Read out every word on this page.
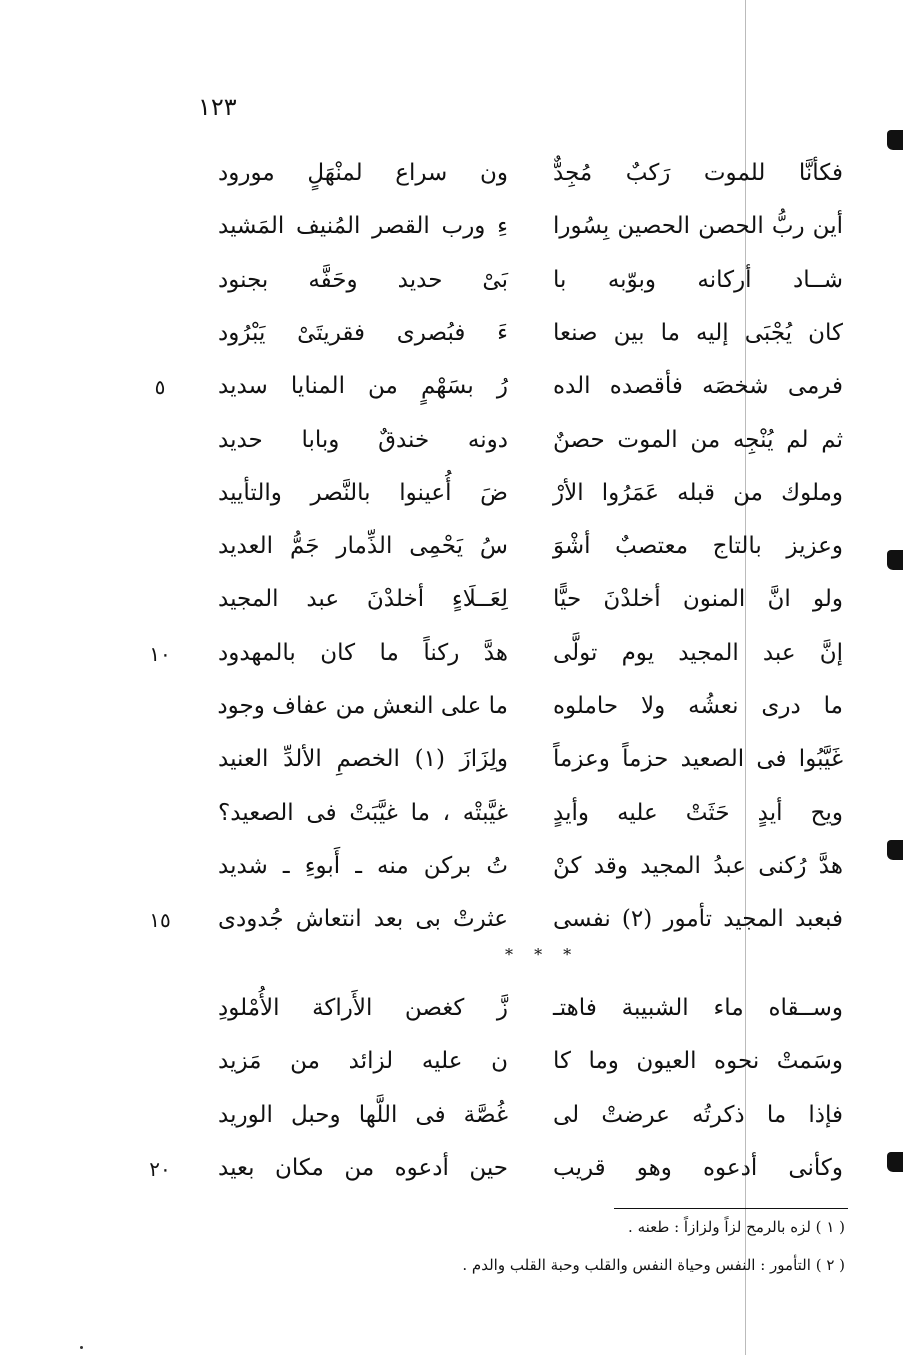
١٢٣
فكأنَّا للموت رَكبٌ مُجِدٌّ
ون سراع لمنْهَلٍ مورود
أين ربُّ الحصن الحصين بِسُورا
ءِ ورب القصر المُنيف المَشيد
شــاد أركانه وبوّبه با
بَىْ حديد وحَفَّه بجنود
كان يُجْبَى إليه ما بين صنعا
ءَ فبُصرى فقريتَىْ يَبْرُود
فرمى شخصَه فأقصده الده
رُ بسَهْمٍ من المنايا سديد
٥
ثم لم يُنْجِه من الموت حصنٌ
دونه خندقٌ وبابا حديد
وملوك من قبله عَمَرُوا الأرْ
ضَ أُعينوا بالنَّصر والتأييد
وعزيز بالتاج معتصبٌ أشْوَ
سُ يَحْمِى الذِّمار جَمُّ العديد
ولو انَّ المنون أخلدْنَ حيًّا
لِعَــلَاءٍ أخلدْنَ عبد المجيد
إنَّ عبد المجيد يوم تولَّى
هدَّ ركناً ما كان بالمهدود
١٠
ما درى نعشُه ولا حاملوه
ما على النعش من عفاف وجود
غَيَّبُوا فى الصعيد حزماً وعزماً
ولِزَازَ (١) الخصمِ الألدِّ العنيد
ويح أيدٍ حَثَتْ عليه وأيدٍ
غيَّبتْه ، ما غيَّبَتْ فى الصعيد؟
هدَّ رُكنى عبدُ المجيد وقد كنْ
تُ بركن منه ـ أَبوءِ ـ شديد
فبعبد المجيد تأمور (٢) نفسى
عثرتْ بى بعد انتعاش جُدودى
١٥
وســقاه ماء الشبيبة فاهتـ
زَّ كغصن الأَراكة الأُمْلودِ
وسَمتْ نحوه العيون وما كا
ن عليه لزائد من مَزيد
فإذا ما ذكرتُه عرضتْ لى
غُصَّة فى اللَّها وحبل الوريد
وكأنى أدعوه وهو قريب
حين أدعوه من مكان بعيد
٢٠
* * *
( ١ ) لزه بالرمح لزاً ولزازاً : طعنه .
( ٢ ) التأمور : النفس وحياة النفس والقلب وحبة القلب والدم .
